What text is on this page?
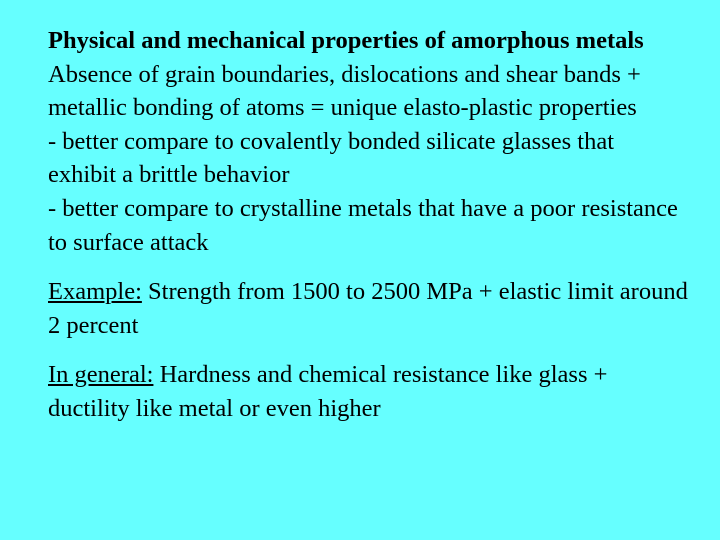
Physical and mechanical properties of amorphous metals

Absence of grain boundaries, dislocations and shear bands + metallic bonding of atoms = unique elasto-plastic properties

- better compare to covalently bonded silicate glasses that exhibit a brittle behavior

- better compare to crystalline metals that have a poor resistance to surface attack

Example: Strength from 1500 to 2500 MPa + elastic limit around 2 percent

In general: Hardness and chemical resistance like glass + ductility like metal or even higher
